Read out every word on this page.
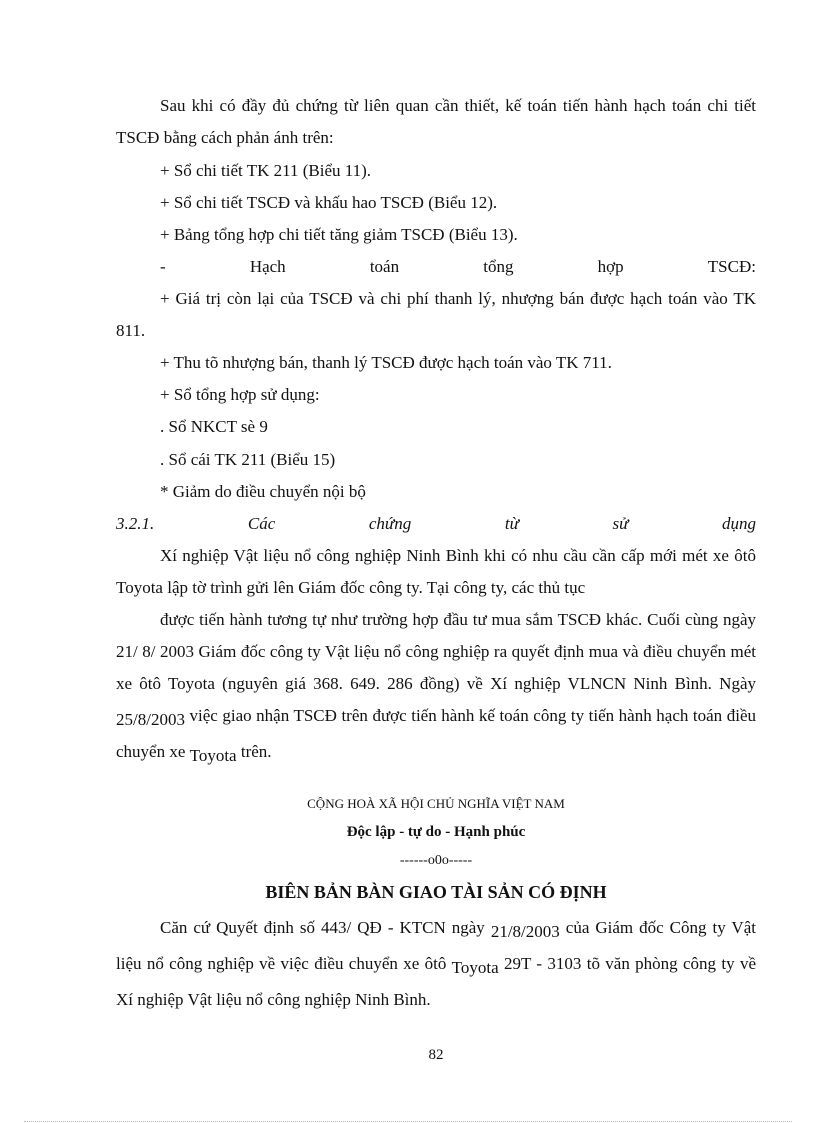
Sau khi có đầy đủ chứng từ liên quan cần thiết, kế toán tiến hành hạch toán chi tiết TSCĐ bằng cách phản ánh trên:

+ Sổ chi tiết TK 211 (Biểu 11).

+ Sổ chi tiết TSCĐ và khấu hao TSCĐ (Biểu 12).

+ Bảng tổng hợp chi tiết tăng giảm TSCĐ (Biểu 13).

-	Hạch	toán	tổng	hợp	TSCĐ:

+ Giá trị còn lại của TSCĐ và chi phí thanh lý, nhượng bán được hạch toán vào TK 811.

+ Thu tõ nhượng bán, thanh lý TSCĐ được hạch toán vào TK 711.

+ Sổ tổng hợp sử dụng:

. Sổ NKCT sè 9

. Sổ cái TK 211 (Biểu 15)

* Giảm do điều chuyển nội bộ

3.2.1.	Các	chứng	từ	sử	dụng

Xí nghiệp Vật liệu nổ công nghiệp Ninh Bình khi có nhu cầu cần cấp mới mét xe ôtô Toyota lập tờ trình gửi lên Giám đốc công ty. Tại công ty, các thủ tục

được tiến hành tương tự như trường hợp đầu tư mua sắm TSCĐ khác. Cuối cùng ngày 21/ 8/ 2003 Giám đốc công ty Vật liệu nổ công nghiệp ra quyết định mua và điều chuyển mét xe ôtô Toyota (nguyên giá 368. 649. 286 đồng) về Xí nghiệp VLNCN Ninh Bình. Ngày 25/8/2003 việc giao nhận TSCĐ trên được tiến hành kế toán công ty tiến hành hạch toán điều chuyển xe Toyota trên.

CỘNG HOÀ XÃ HỘI CHỦ NGHĨA VIỆT NAM

Độc lập - tự do - Hạnh phúc

------o0o-----

BIÊN BẢN BÀN GIAO TÀI SẢN CÓ ĐỊNH

Căn cứ Quyết định số 443/ QĐ - KTCN ngày 21/8/2003 của Giám đốc Công ty Vật liệu nổ công nghiệp về việc điều chuyển xe ôtô Toyota 29T - 3103 tõ văn phòng công ty về Xí nghiệp Vật liệu nổ công nghiệp Ninh Bình.

82
